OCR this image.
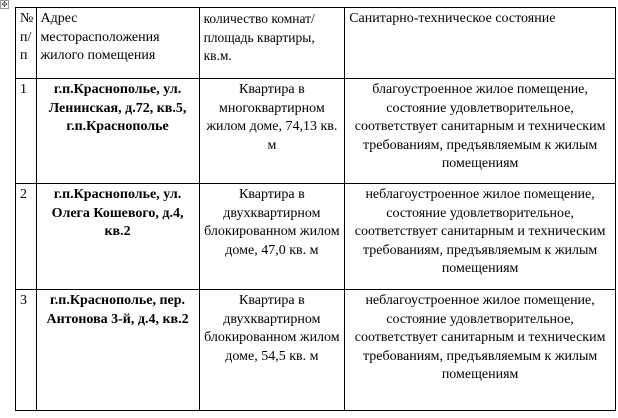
✥
№ п/п	Адрес месторасположения жилого помещения	количество комнат/ площадь квартиры, кв.м.	Санитарно-техническое состояние
1	г.п.Краснополье, ул. Ленинская, д.72, кв.5, г.п.Краснополье	Квартира в многоквартирном жилом доме, 74,13 кв. м	благоустроенное жилое помещение, состояние удовлетворительное, соответствует санитарным и техническим требованиям, предъявляемым к жилым помещениям
2	г.п.Краснополье, ул. Олега Кошевого, д.4, кв.2	Квартира в двухквартирном блокированном жилом доме, 47,0 кв. м	неблагоустроенное жилое помещение, состояние удовлетворительное, соответствует санитарным и техническим требованиям, предъявляемым к жилым помещениям
3	г.п.Краснополье, пер. Антонова 3-й, д.4, кв.2	Квартира в двухквартирном блокированном жилом доме, 54,5 кв. м	неблагоустроенное жилое помещение, состояние удовлетворительное, соответствует санитарным и техническим требованиям, предъявляемым к жилым помещениям
